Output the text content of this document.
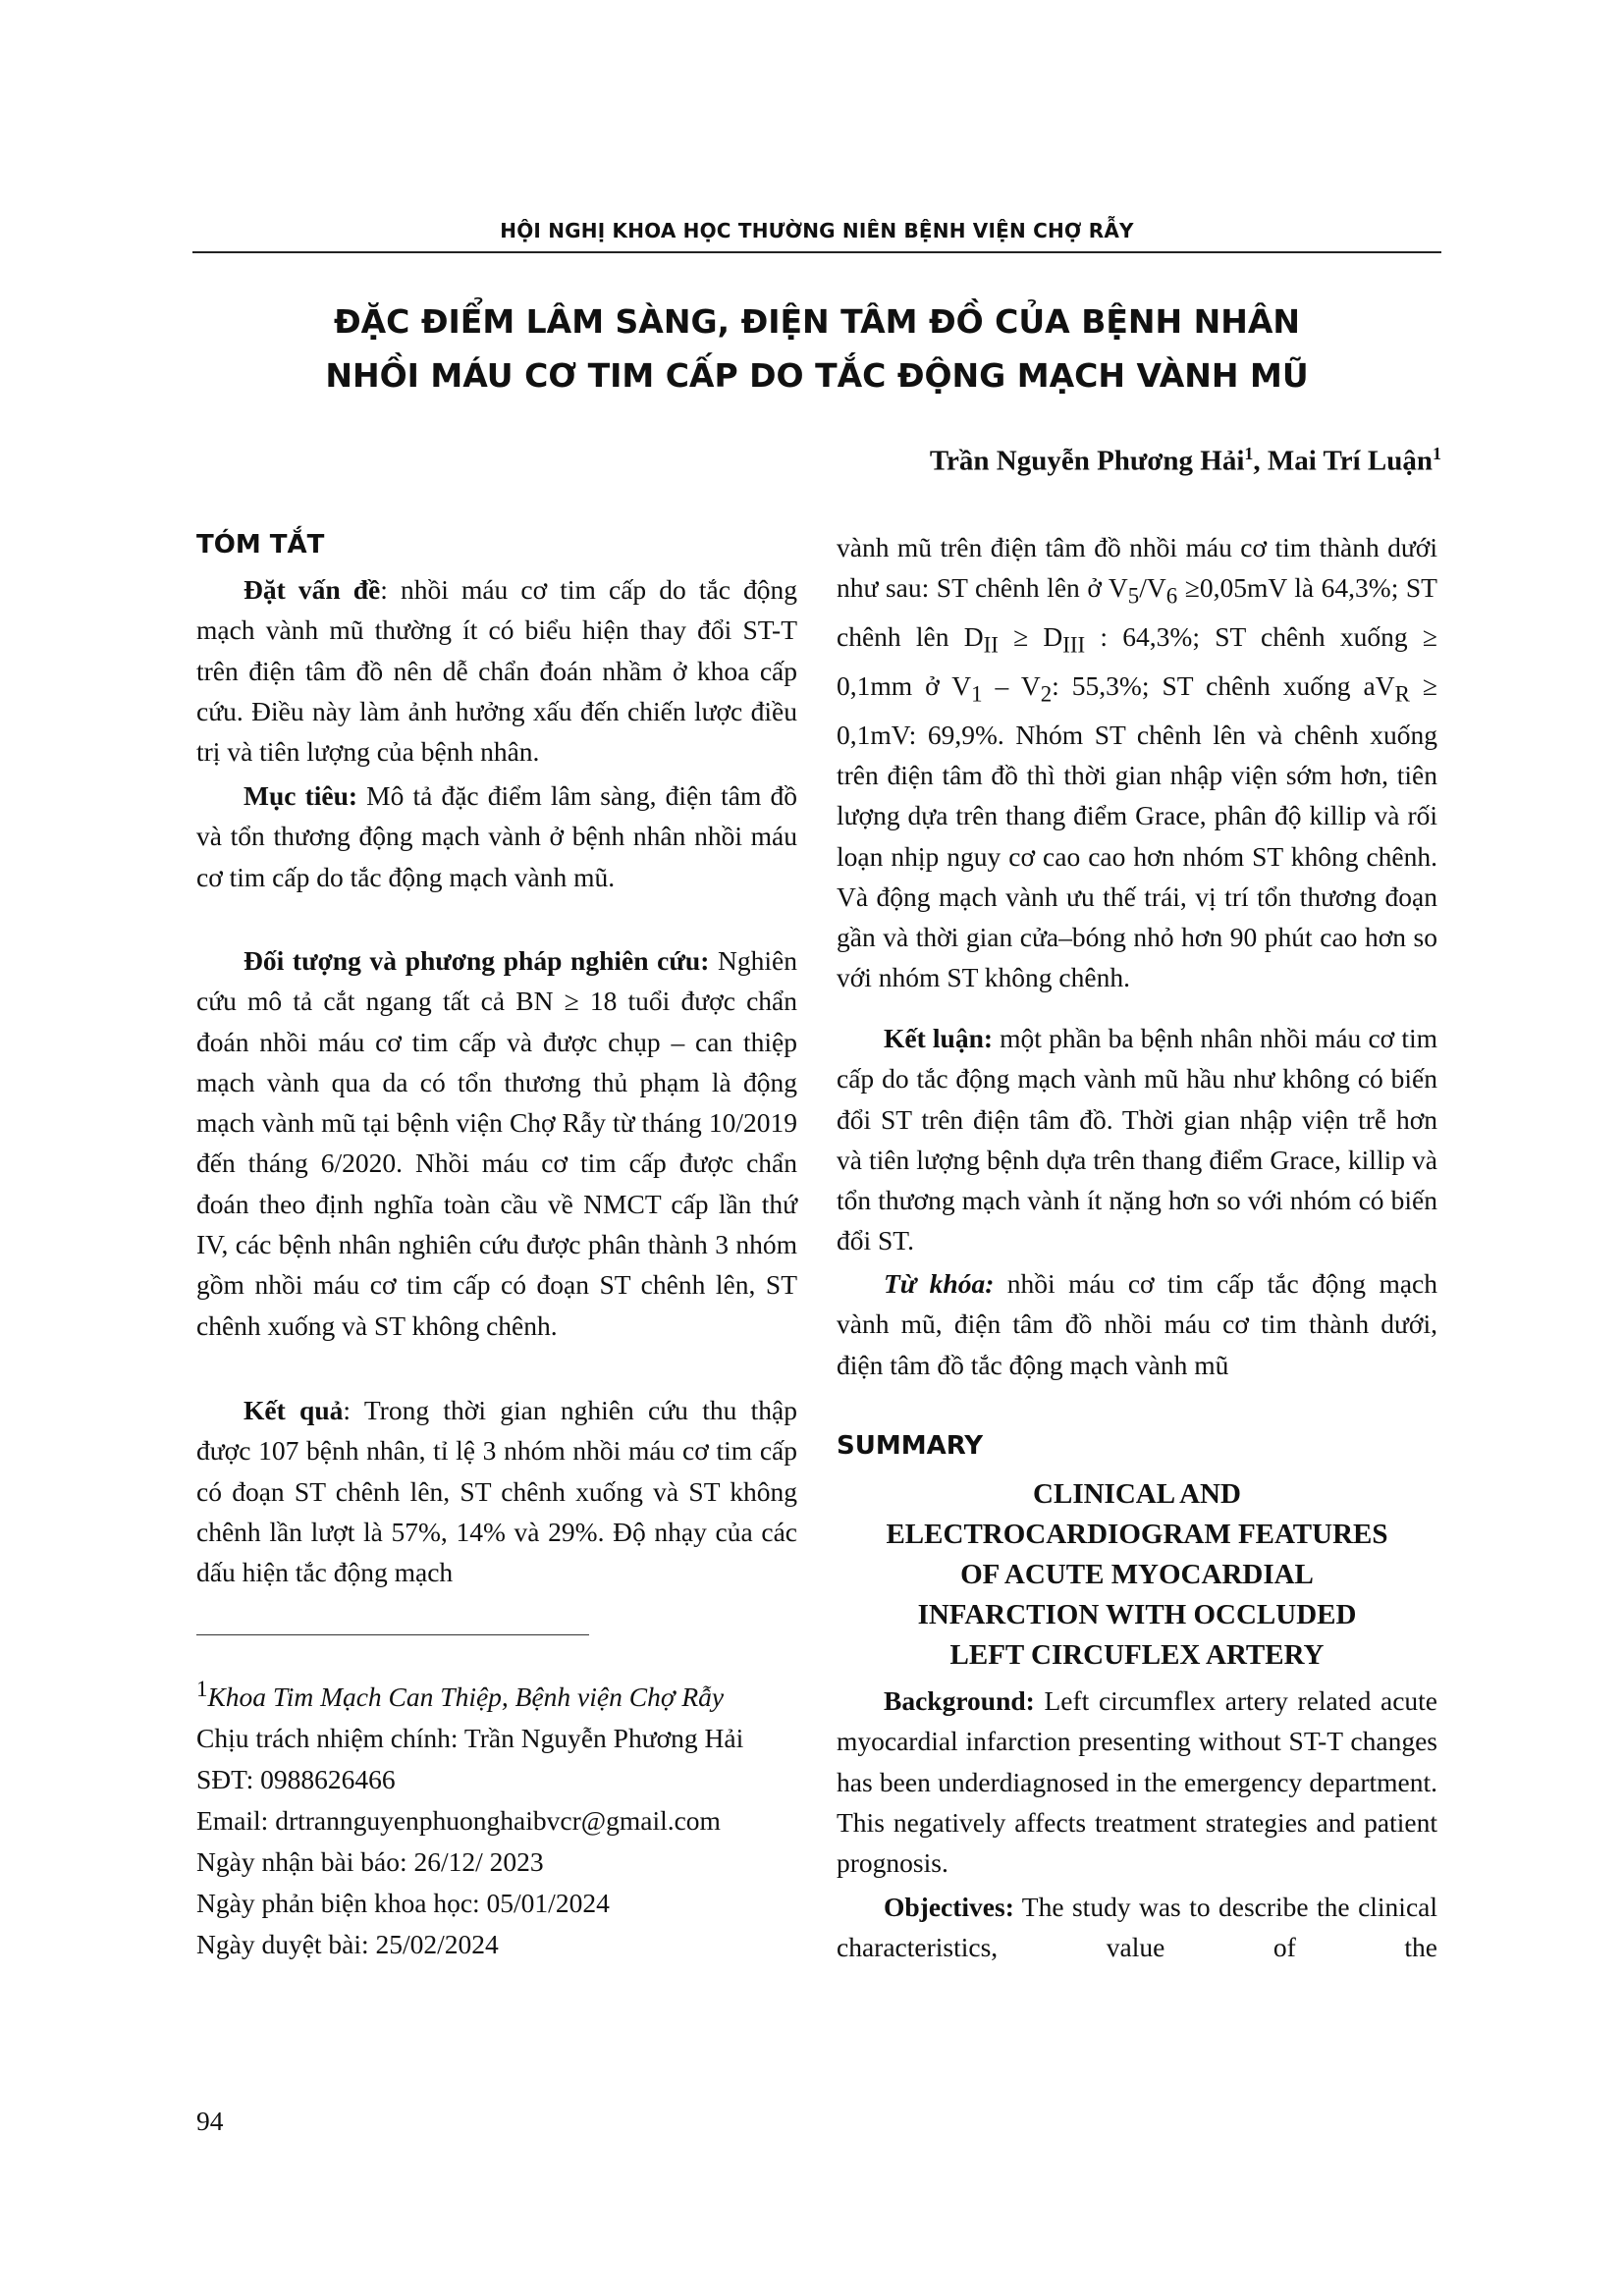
HỘI NGHỊ KHOA HỌC THƯỜNG NIÊN BỆNH VIỆN CHỢ RẪY
ĐẶC ĐIỂM LÂM SÀNG, ĐIỆN TÂM ĐỒ CỦA BỆNH NHÂN
NHỒI MÁU CƠ TIM CẤP DO TẮC ĐỘNG MẠCH VÀNH MŨ
Trần Nguyễn Phương Hải$^1$, Mai Trí Luận$^1$
TÓM TẮT

Đặt vấn đề: nhồi máu cơ tim cấp do tắc động mạch vành mũ thường ít có biểu hiện thay đổi ST-T trên điện tâm đồ nên dễ chẩn đoán nhầm ở khoa cấp cứu. Điều này làm ảnh hưởng xấu đến chiến lược điều trị và tiên lượng của bệnh nhân.

Mục tiêu: Mô tả đặc điểm lâm sàng, điện tâm đồ và tổn thương động mạch vành ở bệnh nhân nhồi máu cơ tim cấp do tắc động mạch vành mũ.

Đối tượng và phương pháp nghiên cứu: Nghiên cứu mô tả cắt ngang tất cả BN ≥ 18 tuổi được chẩn đoán nhồi máu cơ tim cấp và được chụp – can thiệp mạch vành qua da có tổn thương thủ phạm là động mạch vành mũ tại bệnh viện Chợ Rẫy từ tháng 10/2019 đến tháng 6/2020. Nhồi máu cơ tim cấp được chẩn đoán theo định nghĩa toàn cầu về NMCT cấp lần thứ IV, các bệnh nhân nghiên cứu được phân thành 3 nhóm gồm nhồi máu cơ tim cấp có đoạn ST chênh lên, ST chênh xuống và ST không chênh.

Kết quả: Trong thời gian nghiên cứu thu thập được 107 bệnh nhân, tỉ lệ 3 nhóm nhồi máu cơ tim cấp có đoạn ST chênh lên, ST chênh xuống và ST không chênh lần lượt là 57%, 14% và 29%. Độ nhạy của các dấu hiện tắc động mạch

$^1$Khoa Tim Mạch Can Thiệp, Bệnh viện Chợ Rẫy
Chịu trách nhiệm chính: Trần Nguyễn Phương Hải
SĐT: 0988626466
Email: drtrannguyenphuonghaibvcr@gmail.com
Ngày nhận bài báo: 26/12/ 2023
Ngày phản biện khoa học: 05/01/2024
Ngày duyệt bài: 25/02/2024
94

vành mũ trên điện tâm đồ nhồi máu cơ tim thành dưới như sau: ST chênh lên ở $V_5/V_6 \ge 0,05mV$ là 64,3%; ST chênh lên $D_{II} \ge D_{III}$ : 64,3%; ST chênh xuống ≥ 0,1mm ở $V_1 - V_2$: 55,3%; ST chênh xuống $aV_R \ge 0,1mV$: 69,9%. Nhóm ST chênh lên và chênh xuống trên điện tâm đồ thì thời gian nhập viện sớm hơn, tiên lượng dựa trên thang điểm Grace, phân độ killip và rối loạn nhịp nguy cơ cao cao hơn nhóm ST không chênh. Và động mạch vành ưu thế trái, vị trí tổn thương đoạn gần và thời gian cửa–bóng nhỏ hơn 90 phút cao hơn so với nhóm ST không chênh.

Kết luận: một phần ba bệnh nhân nhồi máu cơ tim cấp do tắc động mạch vành mũ hầu như không có biến đổi ST trên điện tâm đồ. Thời gian nhập viện trễ hơn và tiên lượng bệnh dựa trên thang điểm Grace, killip và tổn thương mạch vành ít nặng hơn so với nhóm có biến đổi ST.

Từ khóa: nhồi máu cơ tim cấp tắc động mạch vành mũ, điện tâm đồ nhồi máu cơ tim thành dưới, điện tâm đồ tắc động mạch vành mũ

SUMMARY
CLINICAL AND
ELECTROCARDIOGRAM FEATURES
OF ACUTE MYOCARDIAL
INFARCTION WITH OCCLUDED
LEFT CIRCUFLEX ARTERY

Background: Left circumflex artery related acute myocardial infarction presenting without ST-T changes has been underdiagnosed in the emergency department. This negatively affects treatment strategies and patient prognosis.

Objectives: The study was to describe the clinical characteristics, value of the
